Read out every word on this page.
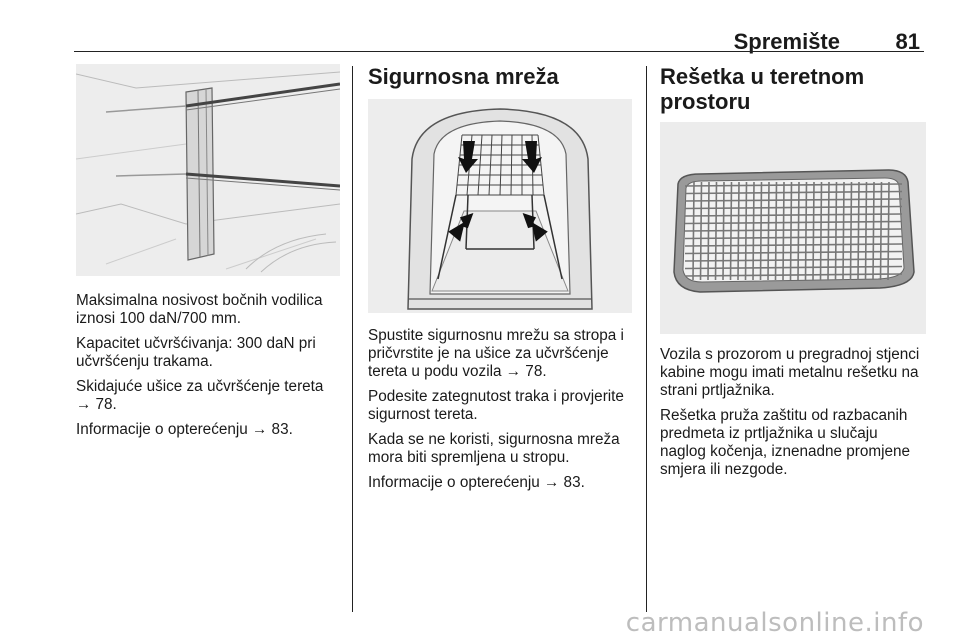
Spremište	81

Maksimalna nosivost bočnih vodilica iznosi 100 daN/700 mm.

Kapacitet učvršćivanja: 300 daN pri učvršćenju trakama.

Skidajuće ušice za učvršćenje tereta → 78.

Informacije o opterećenju → 83.

Sigurnosna mreža

Spustite sigurnosnu mrežu sa stropa i pričvrstite je na ušice za učvršćenje tereta u podu vozila → 78.

Podesite zategnutost traka i provjerite sigurnost tereta.

Kada se ne koristi, sigurnosna mreža mora biti spremljena u stropu.

Informacije o opterećenju → 83.

Rešetka u teretnom prostoru

Vozila s prozorom u pregradnoj stjenci kabine mogu imati metalnu rešetku na strani prtljažnika.

Rešetka pruža zaštitu od razbacanih predmeta iz prtljažnika u slučaju naglog kočenja, iznenadne promjene smjera ili nezgode.

carmanualsonline.info
